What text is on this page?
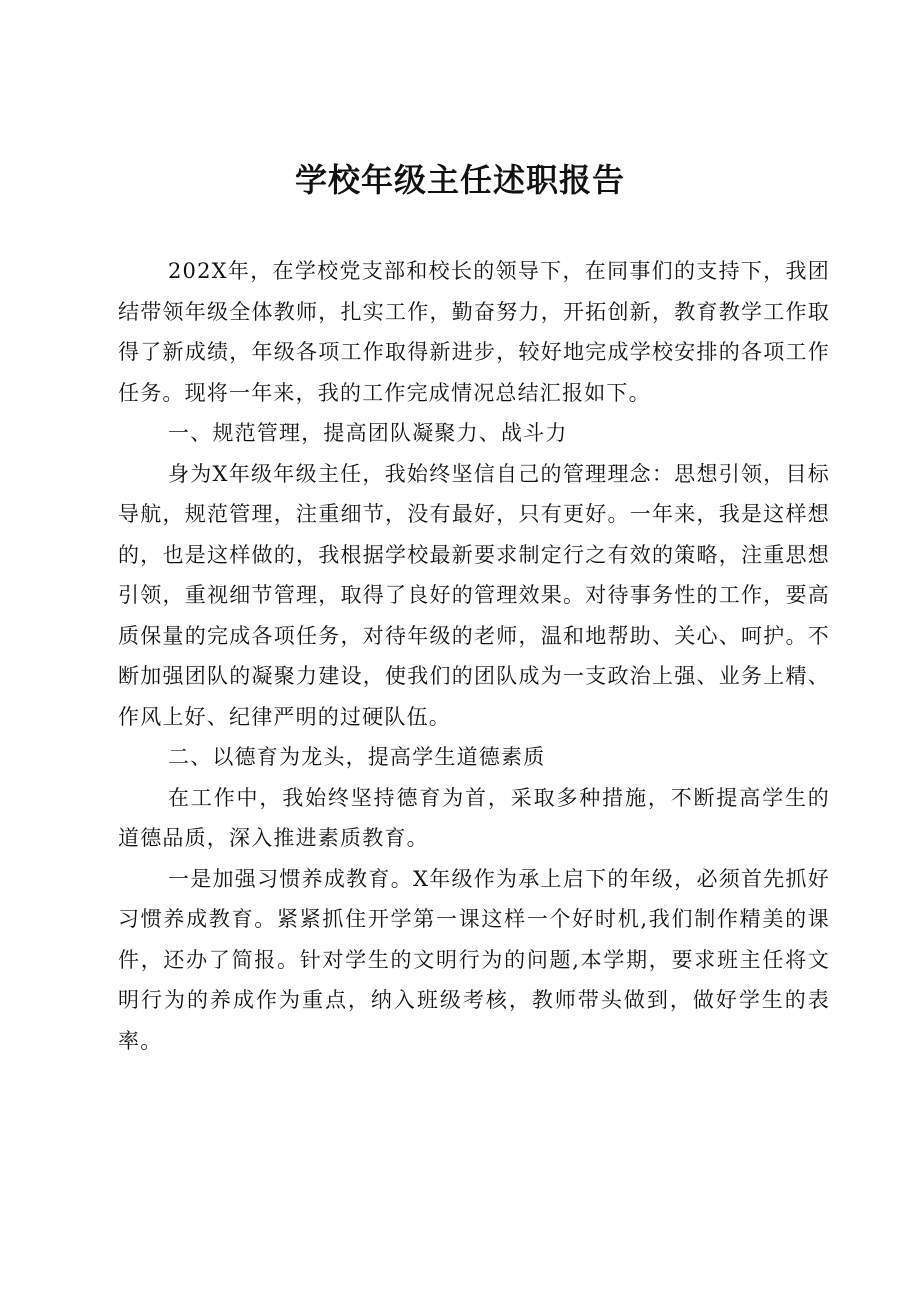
学校年级主任述职报告

202X年，在学校党支部和校长的领导下，在同事们的支持下，我团结带领年级全体教师，扎实工作，勤奋努力，开拓创新，教育教学工作取得了新成绩，年级各项工作取得新进步，较好地完成学校安排的各项工作任务。现将一年来，我的工作完成情况总结汇报如下。

一、规范管理，提高团队凝聚力、战斗力

身为X年级年级主任，我始终坚信自己的管理理念：思想引领，目标导航，规范管理，注重细节，没有最好，只有更好。一年来，我是这样想的，也是这样做的，我根据学校最新要求制定行之有效的策略，注重思想引领，重视细节管理，取得了良好的管理效果。对待事务性的工作，要高质保量的完成各项任务，对待年级的老师，温和地帮助、关心、呵护。不断加强团队的凝聚力建设，使我们的团队成为一支政治上强、业务上精、作风上好、纪律严明的过硬队伍。

二、以德育为龙头，提高学生道德素质

在工作中，我始终坚持德育为首，采取多种措施，不断提高学生的道德品质，深入推进素质教育。

一是加强习惯养成教育。X年级作为承上启下的年级，必须首先抓好习惯养成教育。紧紧抓住开学第一课这样一个好时机,我们制作精美的课件，还办了简报。针对学生的文明行为的问题,本学期，要求班主任将文明行为的养成作为重点，纳入班级考核，教师带头做到，做好学生的表率。
